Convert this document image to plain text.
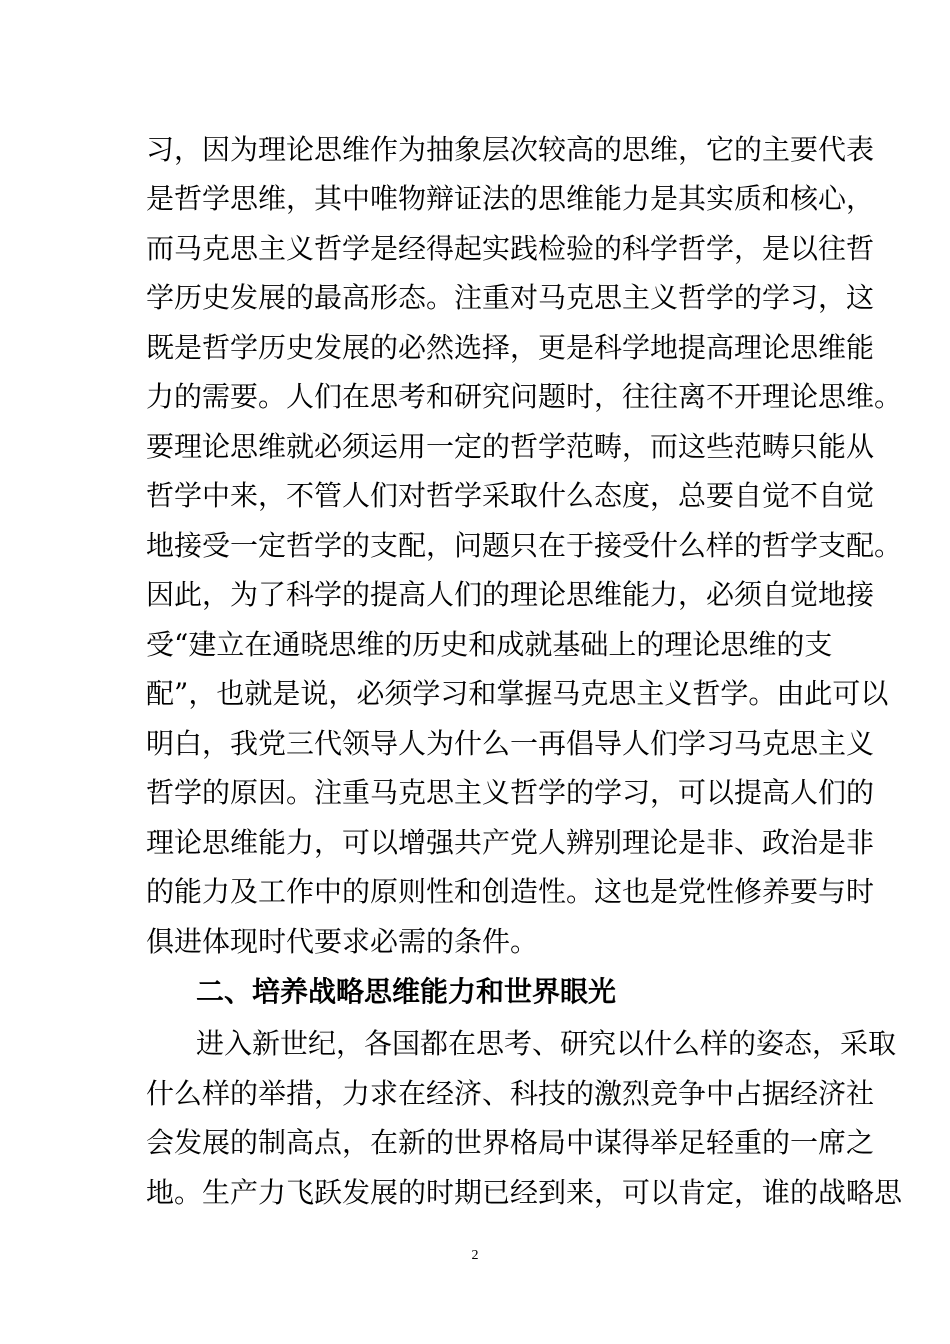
习，因为理论思维作为抽象层次较高的思维，它的主要代表
是哲学思维，其中唯物辩证法的思维能力是其实质和核心，
而马克思主义哲学是经得起实践检验的科学哲学，是以往哲
学历史发展的最高形态。注重对马克思主义哲学的学习，这
既是哲学历史发展的必然选择，更是科学地提高理论思维能
力的需要。人们在思考和研究问题时，往往离不开理论思维。
要理论思维就必须运用一定的哲学范畴，而这些范畴只能从
哲学中来，不管人们对哲学采取什么态度，总要自觉不自觉
地接受一定哲学的支配，问题只在于接受什么样的哲学支配。
因此，为了科学的提高人们的理论思维能力，必须自觉地接
受“建立在通晓思维的历史和成就基础上的理论思维的支
配”，也就是说，必须学习和掌握马克思主义哲学。由此可以
明白，我党三代领导人为什么一再倡导人们学习马克思主义
哲学的原因。注重马克思主义哲学的学习，可以提高人们的
理论思维能力，可以增强共产党人辨别理论是非、政治是非
的能力及工作中的原则性和创造性。这也是党性修养要与时
俱进体现时代要求必需的条件。
二、培养战略思维能力和世界眼光
进入新世纪，各国都在思考、研究以什么样的姿态，采取
什么样的举措，力求在经济、科技的激烈竞争中占据经济社
会发展的制高点，在新的世界格局中谋得举足轻重的一席之
地。生产力飞跃发展的时期已经到来，可以肯定，谁的战略思
2
